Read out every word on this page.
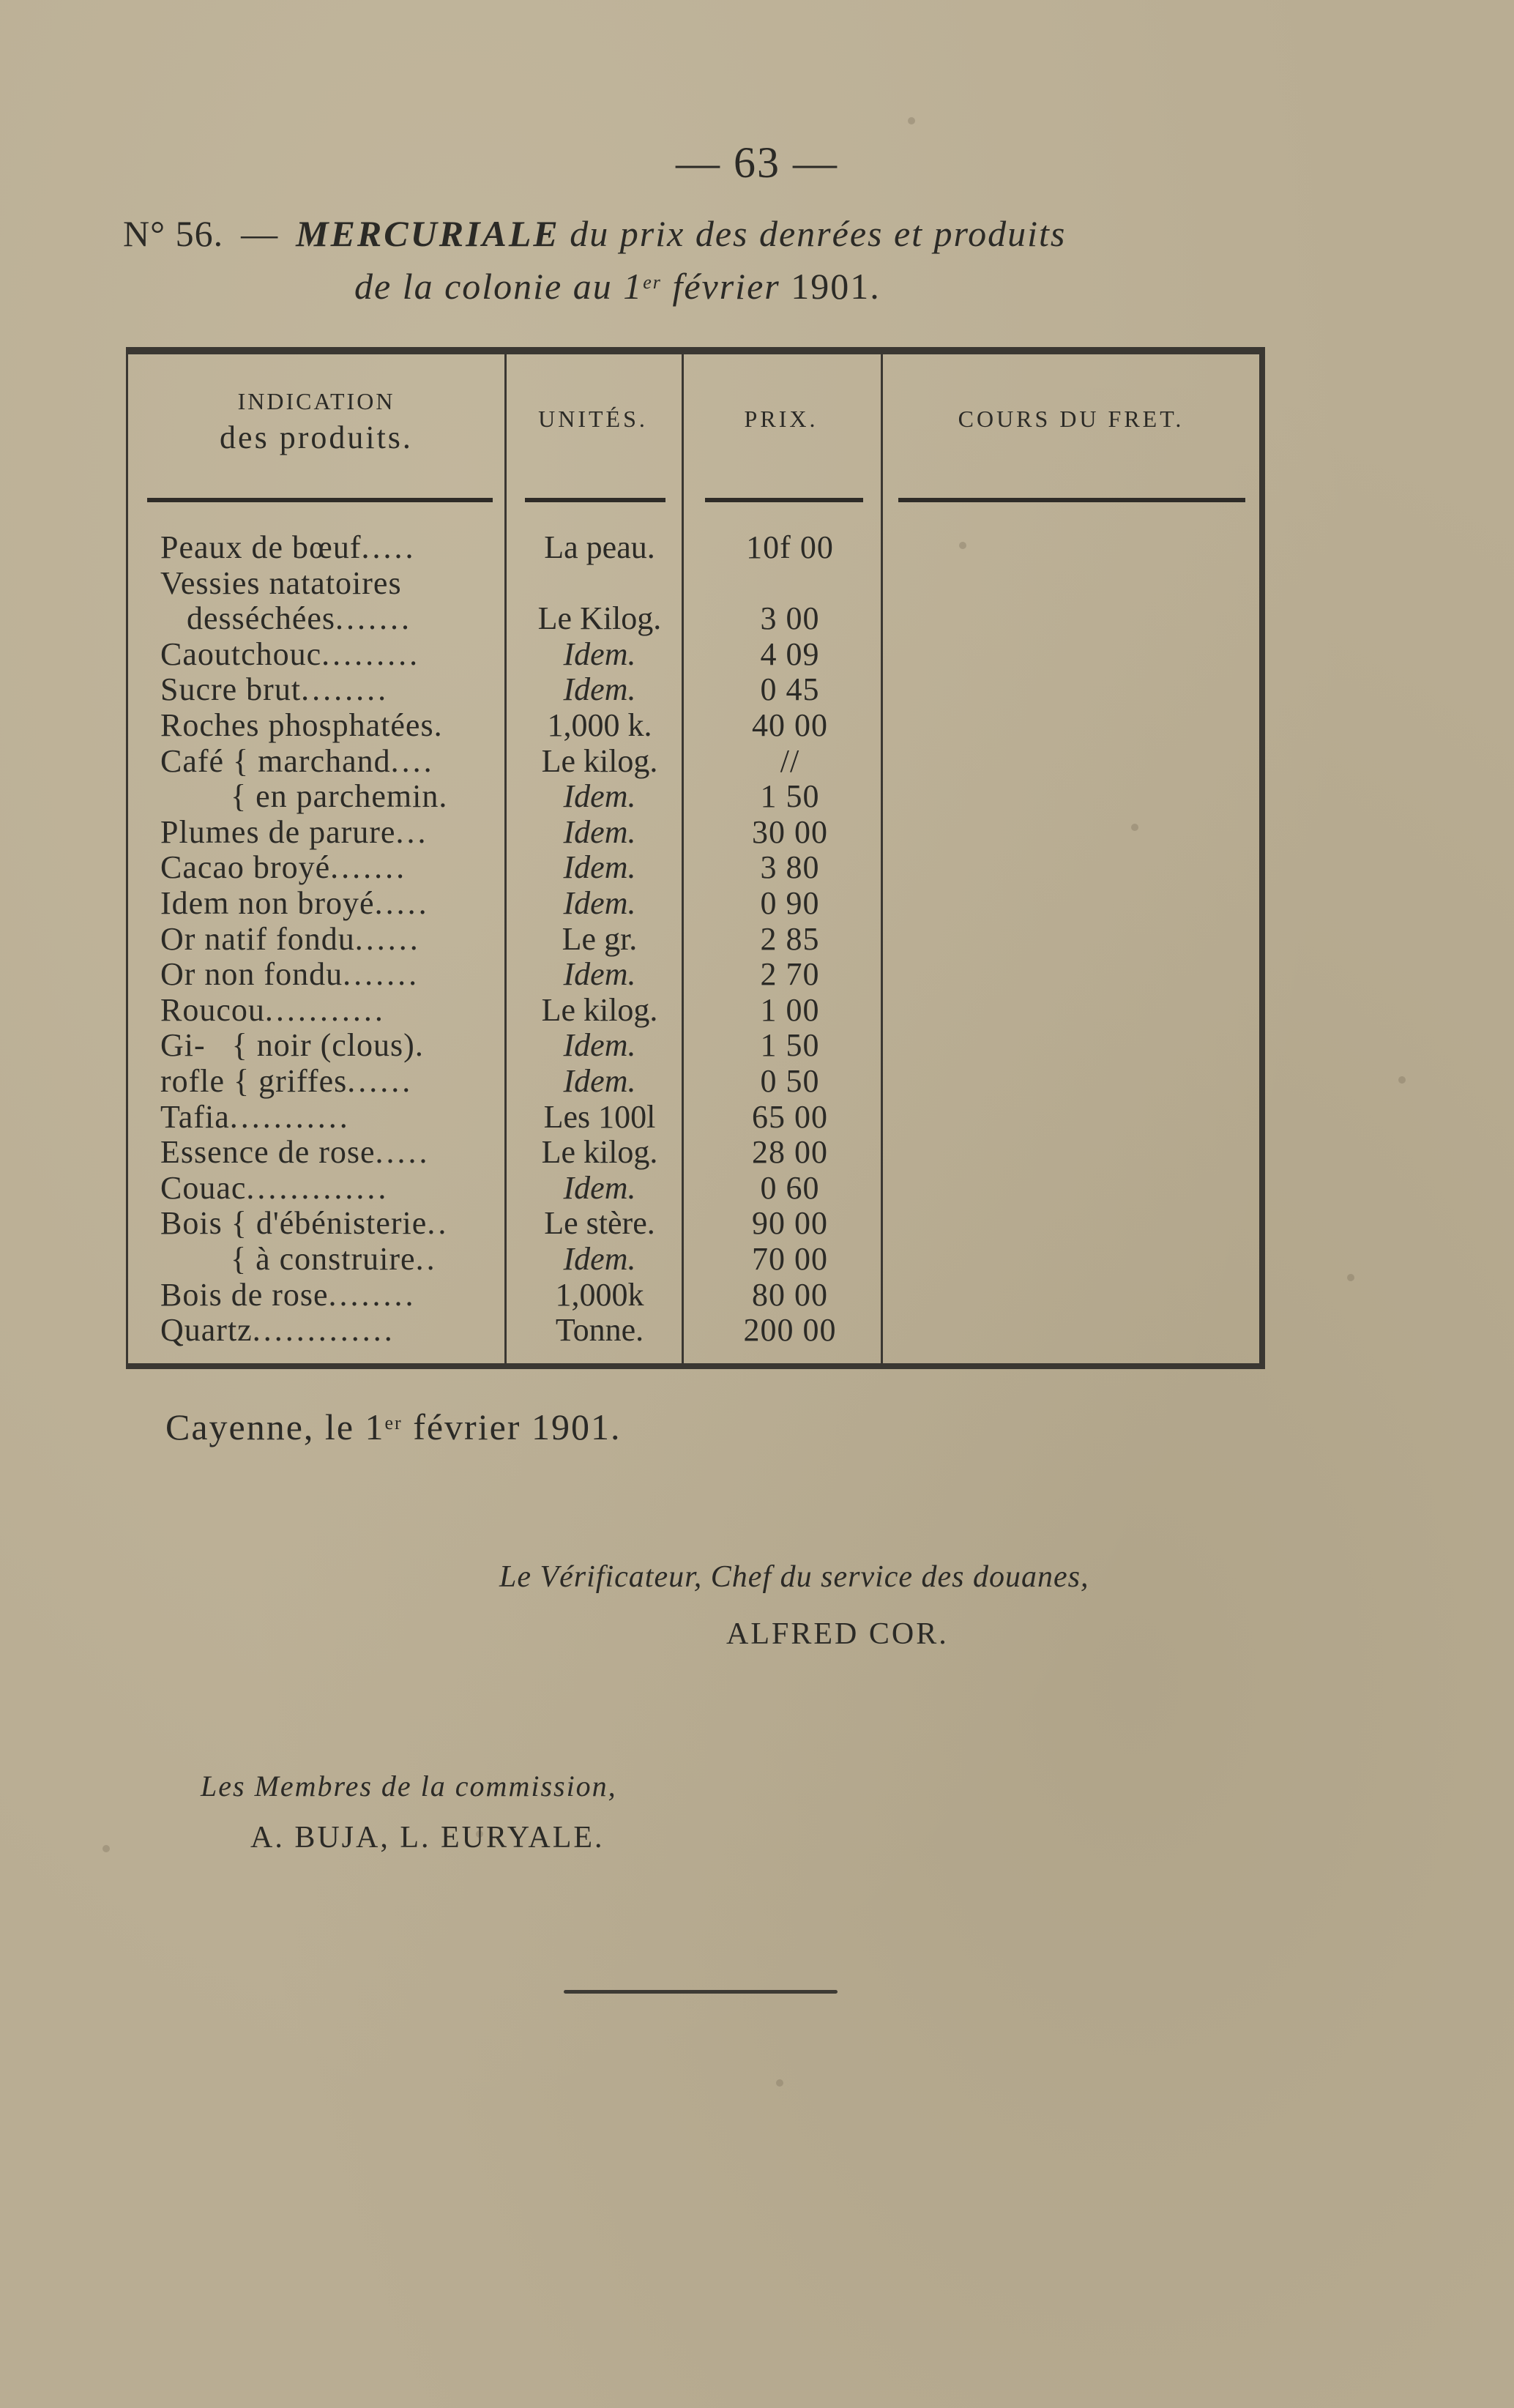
— 63 —
N° 56. — MERCURIALE du prix des denrées et produits
de la colonie au 1er février 1901.
INDICATION
des produits.
UNITÉS.	PRIX.	COURS DU FRET.
Peaux de bœuf.....	La peau.	10f 00
Vessies natatoires
desséchées.......	Le Kilog.	3 00
Caoutchouc.........	Idem.	4 09
Sucre brut........	Idem.	0 45
Roches phosphatées.	1,000 k.	40 00
Café { marchand....	Le kilog.	//
{ en parchemin.	Idem.	1 50
Plumes de parure...	Idem.	30 00
Cacao broyé.......	Idem.	3 80
Idem non broyé.....	Idem.	0 90
Or natif fondu......	Le gr.	2 85
Or non fondu.......	Idem.	2 70
Roucou...........	Le kilog.	1 00
Gi-   { noir (clous).	Idem.	1 50
rofle { griffes......	Idem.	0 50
Tafia...........	Les 100l	65 00
Essence de rose.....	Le kilog.	28 00
Couac.............	Idem.	0 60
Bois { d'ébénisterie..	Le stère.	90 00
{ à construire..	Idem.	70 00
Bois de rose........	1,000k	80 00
Quartz.............	Tonne.	200 00
Cayenne, le 1er février 1901.
Le Vérificateur, Chef du service des douanes,
ALFRED COR.
Les Membres de la commission,
A. BUJA, L. EURYALE.
